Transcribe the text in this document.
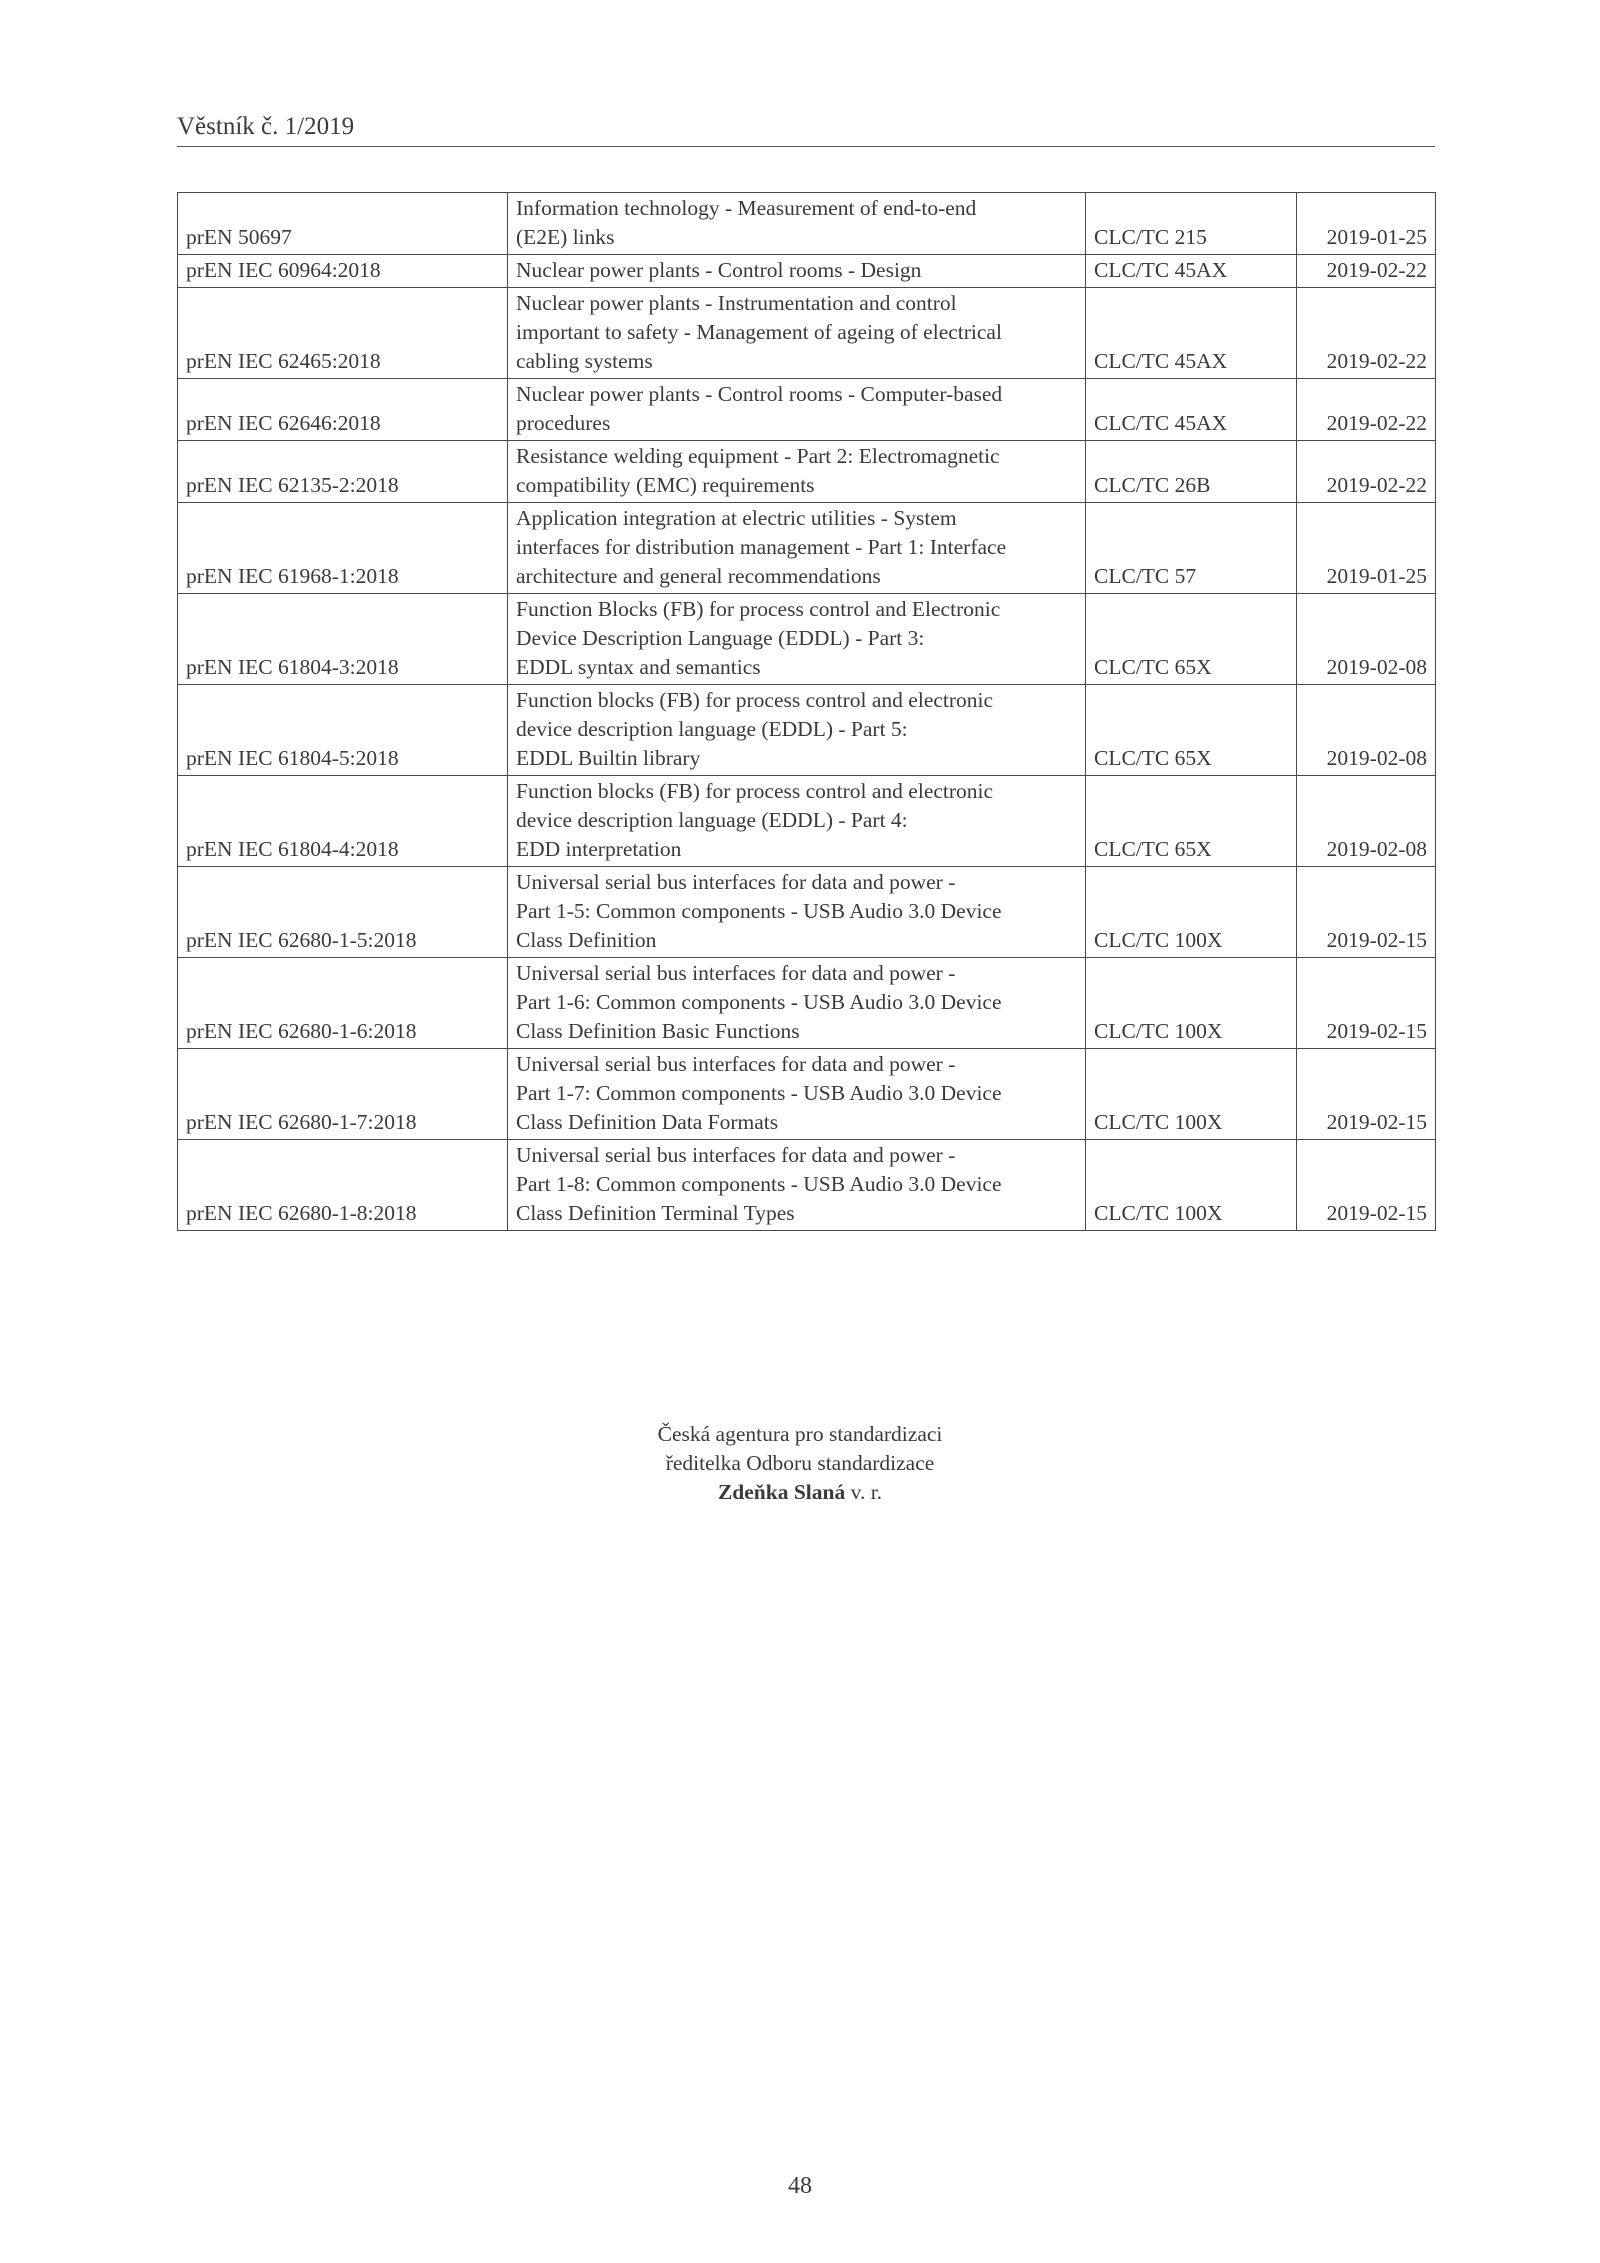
Věstník č. 1/2019
prEN 50697	Information technology - Measurement of end-to-end
(E2E) links	CLC/TC 215	2019-01-25
prEN IEC 60964:2018	Nuclear power plants - Control rooms - Design	CLC/TC 45AX	2019-02-22
prEN IEC 62465:2018	Nuclear power plants - Instrumentation and control
important to safety - Management of ageing of electrical
cabling systems	CLC/TC 45AX	2019-02-22
prEN IEC 62646:2018	Nuclear power plants - Control rooms - Computer-based
procedures	CLC/TC 45AX	2019-02-22
prEN IEC 62135-2:2018	Resistance welding equipment - Part 2: Electromagnetic
compatibility (EMC) requirements	CLC/TC 26B	2019-02-22
prEN IEC 61968-1:2018	Application integration at electric utilities - System
interfaces for distribution management - Part 1: Interface
architecture and general recommendations	CLC/TC 57	2019-01-25
prEN IEC 61804-3:2018	Function Blocks (FB) for process control and Electronic
Device Description Language (EDDL) - Part 3:
EDDL syntax and semantics	CLC/TC 65X	2019-02-08
prEN IEC 61804-5:2018	Function blocks (FB) for process control and electronic
device description language (EDDL) - Part 5:
EDDL Builtin library	CLC/TC 65X	2019-02-08
prEN IEC 61804-4:2018	Function blocks (FB) for process control and electronic
device description language (EDDL) - Part 4:
EDD interpretation	CLC/TC 65X	2019-02-08
prEN IEC 62680-1-5:2018	Universal serial bus interfaces for data and power -
Part 1-5: Common components - USB Audio 3.0 Device
Class Definition	CLC/TC 100X	2019-02-15
prEN IEC 62680-1-6:2018	Universal serial bus interfaces for data and power -
Part 1-6: Common components - USB Audio 3.0 Device
Class Definition Basic Functions	CLC/TC 100X	2019-02-15
prEN IEC 62680-1-7:2018	Universal serial bus interfaces for data and power -
Part 1-7: Common components - USB Audio 3.0 Device
Class Definition Data Formats	CLC/TC 100X	2019-02-15
prEN IEC 62680-1-8:2018	Universal serial bus interfaces for data and power -
Part 1-8: Common components - USB Audio 3.0 Device
Class Definition Terminal Types	CLC/TC 100X	2019-02-15
Česká agentura pro standardizaci
ředitelka Odboru standardizace
Zdeňka Slaná v. r.
48
